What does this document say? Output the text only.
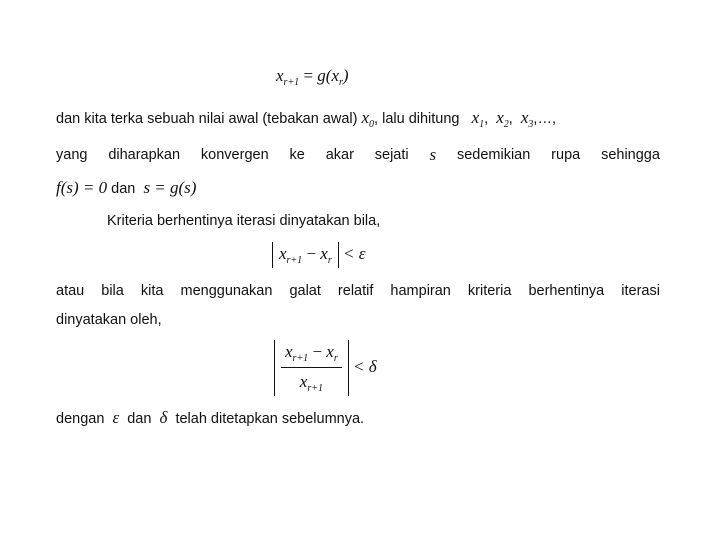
$x_{r+1} = g(x_r)$
dan kita terka sebuah nilai awal (tebakan awal) $x_0$, lalu dihitung $x_1$,  $x_2$,  $x_3,\dots$,
yang diharapkan konvergen ke akar sejati s sedemikian rupa sehingga
f(s) = 0 dan s = g(s)
Kriteria berhentinya iterasi dinyatakan bila,
$x_{r+1} - x_r < \varepsilon$
atau bila kita menggunakan galat relatif hampiran kriteria berhentinya iterasi
dinyatakan oleh,
$\frac{x_{r+1} - x_r}{x_{r+1}} < \delta$
dengan ε dan δ telah ditetapkan sebelumnya.
